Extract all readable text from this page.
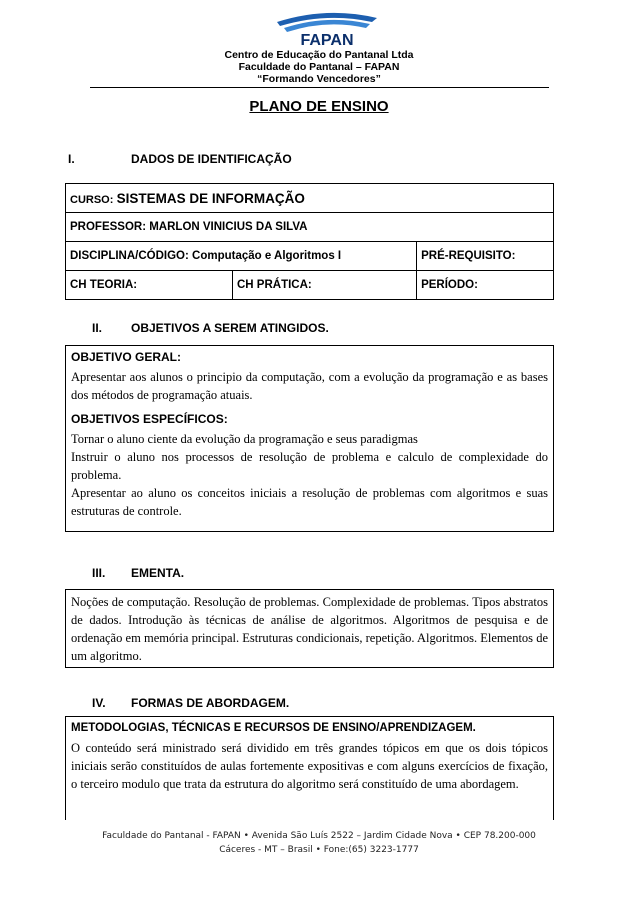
FAPAN
Centro de Educação do Pantanal Ltda
Faculdade do Pantanal – FAPAN
“Formando Vencedores”
PLANO DE ENSINO
I.	DADOS DE IDENTIFICAÇÃO
CURSO: SISTEMAS DE INFORMAÇÃO		
PROFESSOR: MARLON VINICIUS DA SILVA		
DISCIPLINA/CÓDIGO: Computação e Algoritmos I		PRÉ-REQUISITO:
CH TEORIA:	CH PRÁTICA:	PERÍODO:
II. OBJETIVOS A SEREM ATINGIDOS.
OBJETIVO GERAL:

Apresentar aos alunos o principio da computação, com a evolução da programação e as bases dos métodos de programação atuais.

OBJETIVOS ESPECÍFICOS:

Tornar o aluno ciente da evolução da programação e seus paradigmas

Instruir o aluno nos processos de resolução de problema e calculo de complexidade do problema.

Apresentar ao aluno os conceitos iniciais a resolução de problemas com algoritmos e suas estruturas de controle.

III. EMENTA.

Noções de computação. Resolução de problemas. Complexidade de problemas. Tipos abstratos de dados. Introdução às técnicas de análise de algoritmos. Algoritmos de pesquisa e de ordenação em memória principal. Estruturas condicionais, repetição. Algoritmos. Elementos de um algoritmo.

IV. FORMAS DE ABORDAGEM.
METODOLOGIAS, TÉCNICAS E RECURSOS DE ENSINO/APRENDIZAGEM.

O conteúdo será ministrado será dividido em três grandes tópicos em que os dois tópicos iniciais serão constituídos de aulas fortemente expositivas e com alguns exercícios de fixação, o terceiro modulo que trata da estrutura do algoritmo será constituído de uma abordagem.

Faculdade do Pantanal - FAPAN • Avenida São Luís 2522 – Jardim Cidade Nova • CEP 78.200-000
Cáceres - MT – Brasil • Fone:(65) 3223-1777
